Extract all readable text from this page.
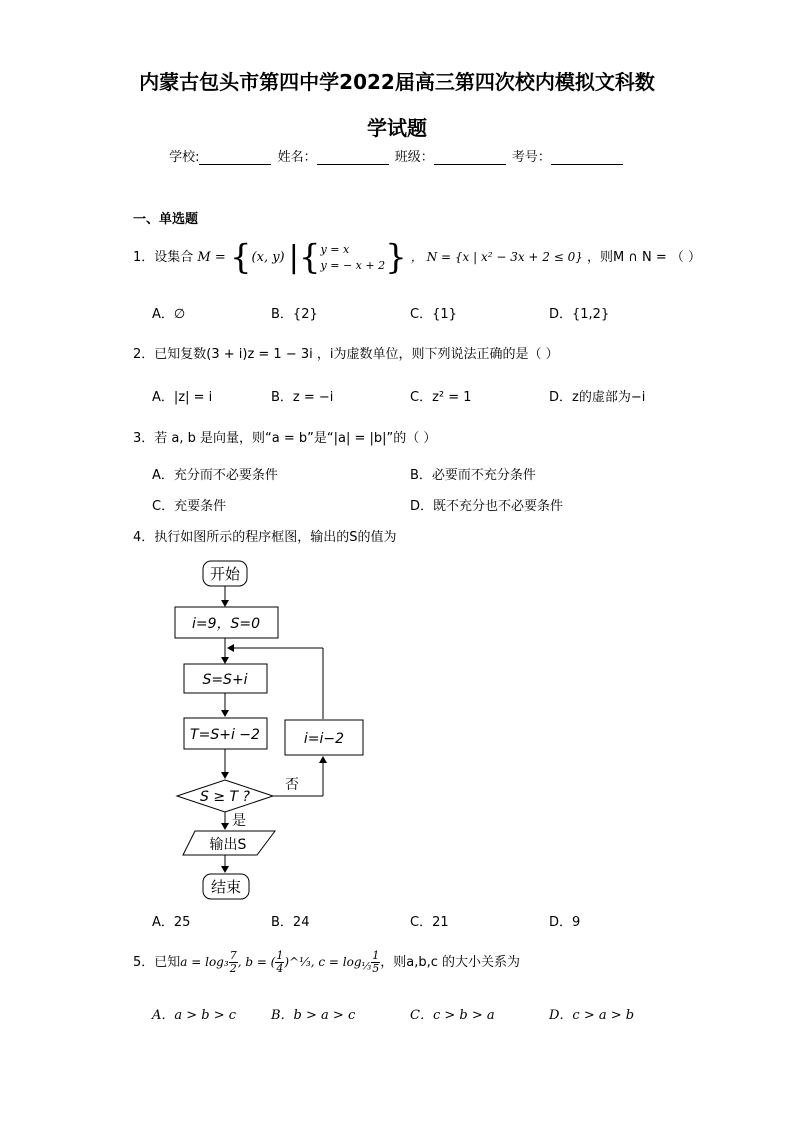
内蒙古包头市第四中学2022届高三第四次校内模拟文科数
学试题
学校:	姓名：	班级：	考号：
一、单选题
1．设集合 M = {(x, y) |{ y = x
y = − x + 2 } ， N = {x | x² − 3x + 2 ≤ 0} ，则M ∩ N = （ ）
A．∅	B．{2}	C．{1}	D．{1,2}
2．已知复数(3 + i)z = 1 − 3i ，i为虚数单位，则下列说法正确的是（ ）
A．|z| = i	B．z = −i	C．z² = 1	D．z的虚部为−i
3．若 a, b 是向量，则“a = b”是“|a| = |b|”的（ ）
A．充分而不必要条件	B．必要而不充分条件
C．充要条件	D．既不充分也不必要条件
4．执行如图所示的程序框图，输出的S的值为
开始
i=9，S=0
S=S+i
T=S+i −2	i=i−2
S ≥ T ?
否
是
输出S
结束
A．25	B．24	C．21	D．9
5．已知$a = \log_3 \frac{7}{2}$ , b = ( $\frac{1}{4}$ )^⅓, $c = \log_{\frac{1}{3}} \frac{1}{5}$ ，则a,b,c 的大小关系为
A．a > b > c	B．b > a > c	C．c > b > a	D．c > a > b
